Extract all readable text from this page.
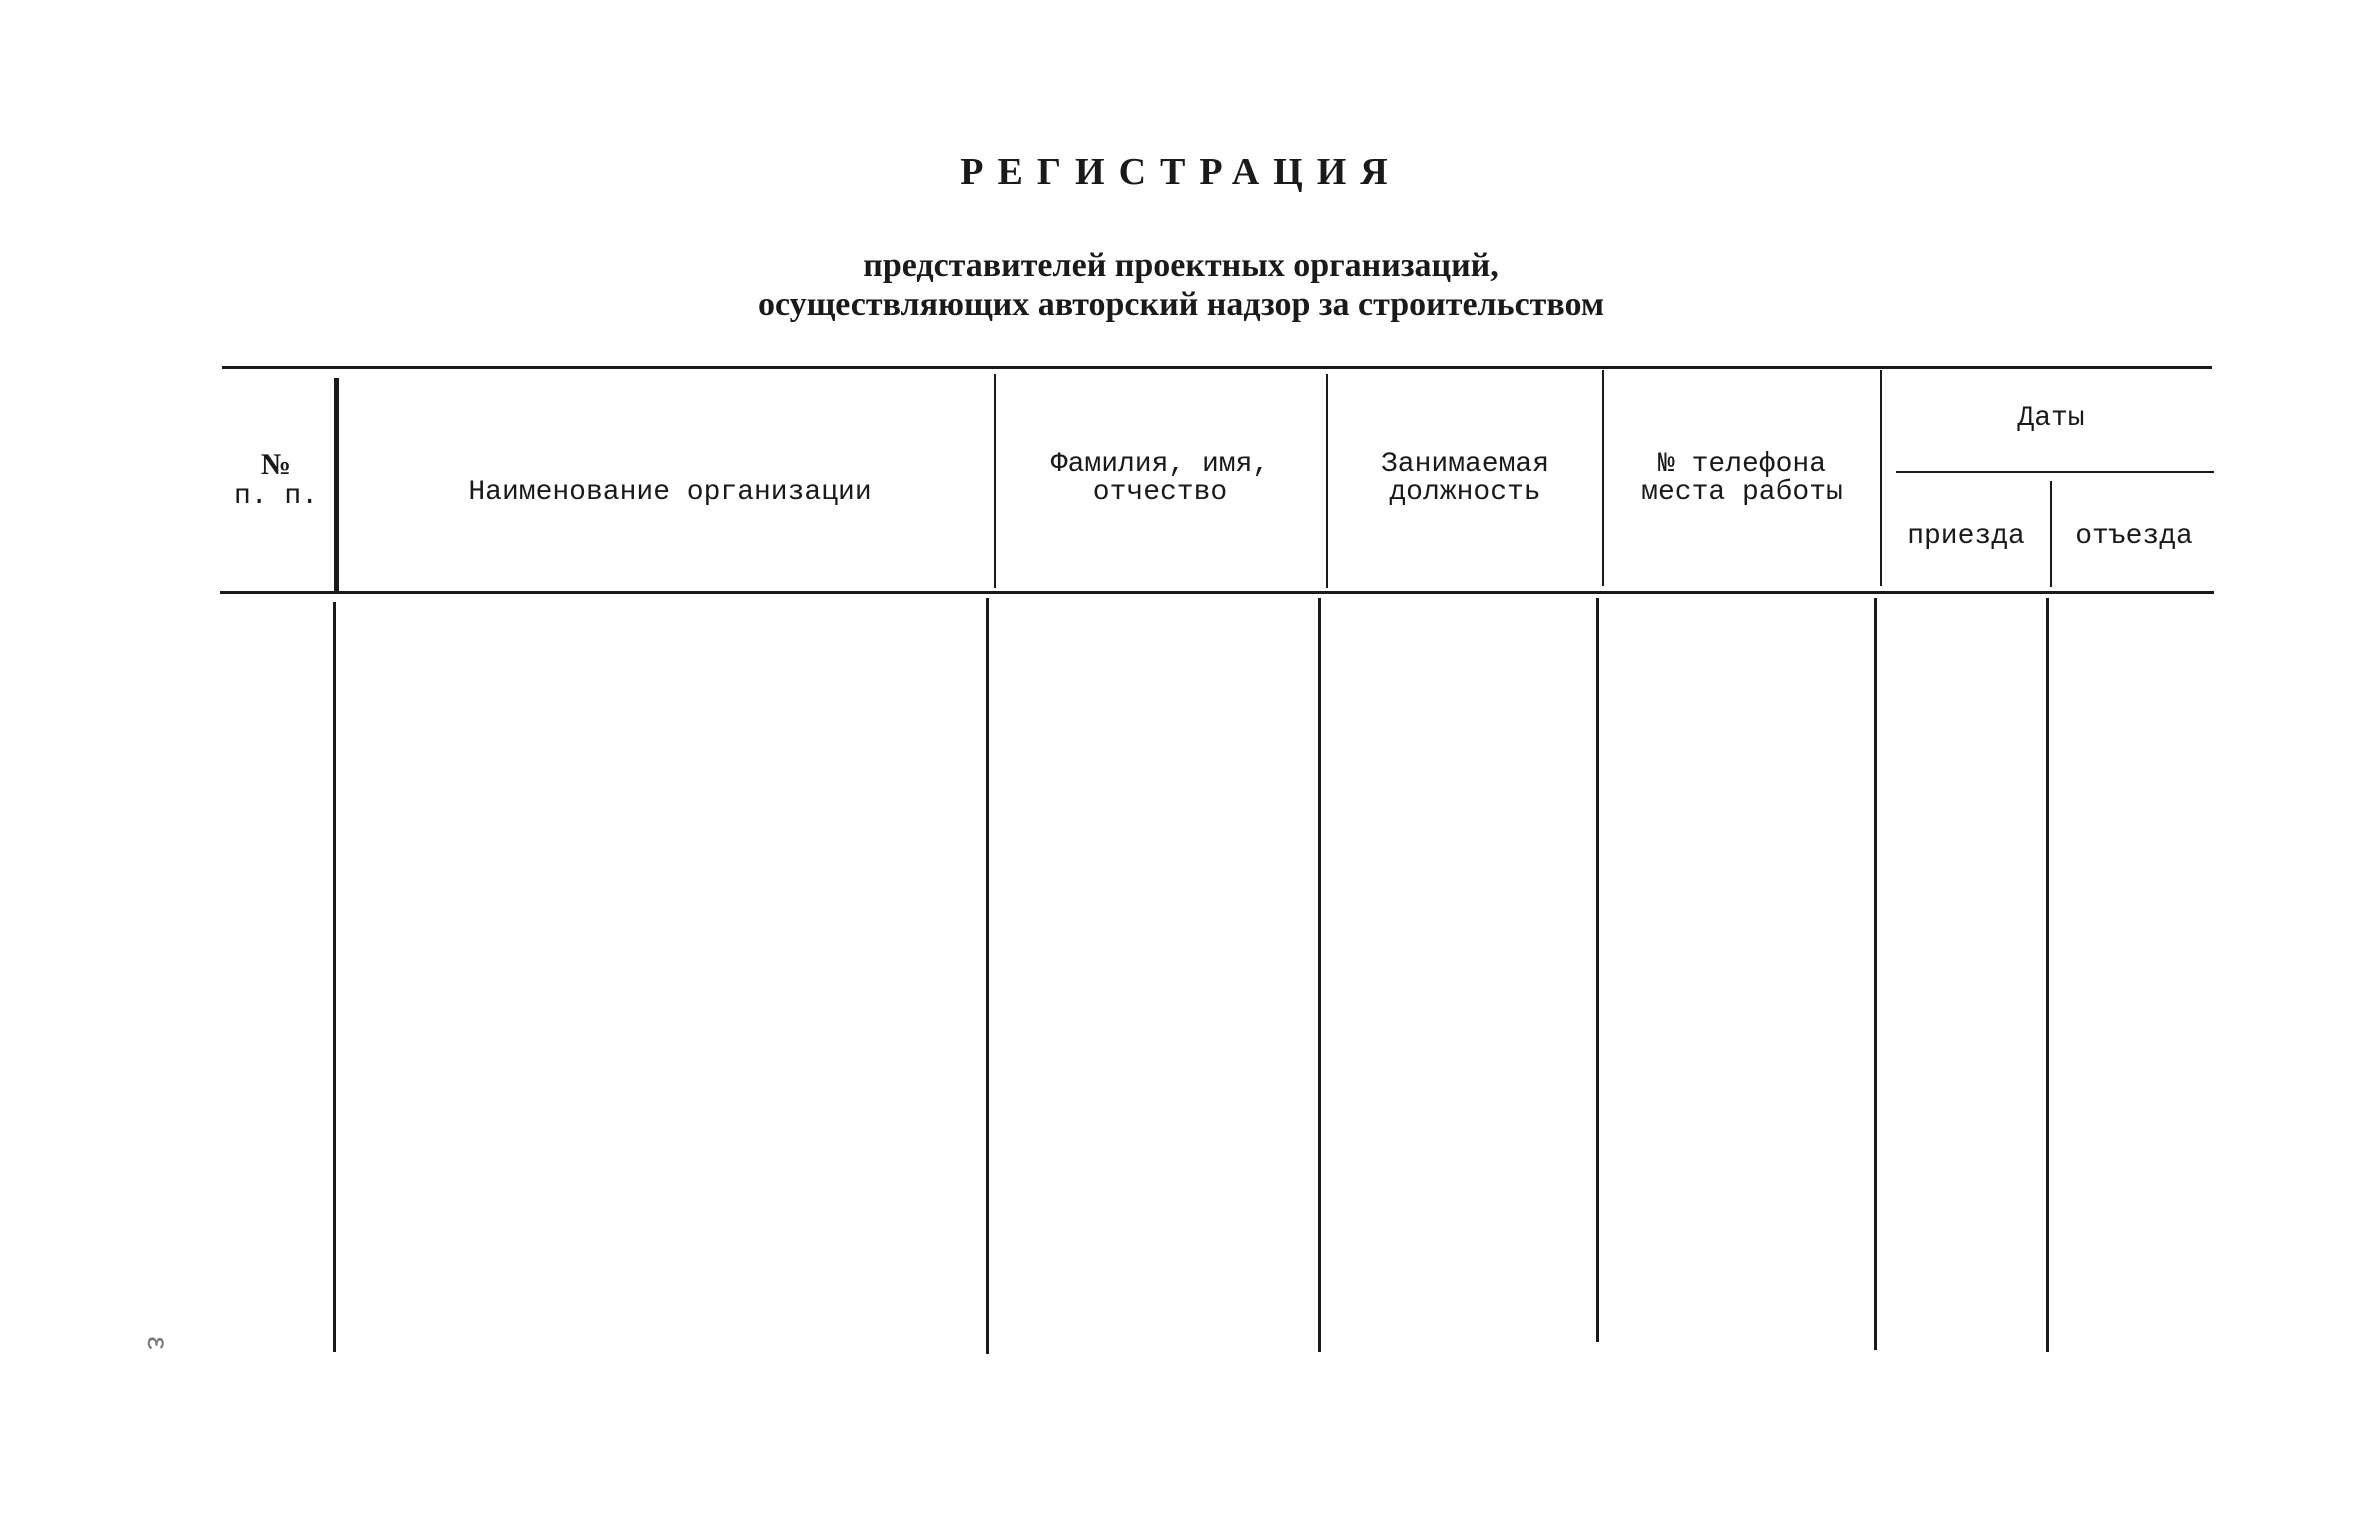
РЕГИСТРАЦИЯ
представителей проектных организаций,
осуществляющих авторский надзор за строительством
№
п. п.	Наименование организации
Фамилия, имя,
отчество
Занимаемая
должность
№ телефона
места работы
Даты
приезда	отъезда
ε
